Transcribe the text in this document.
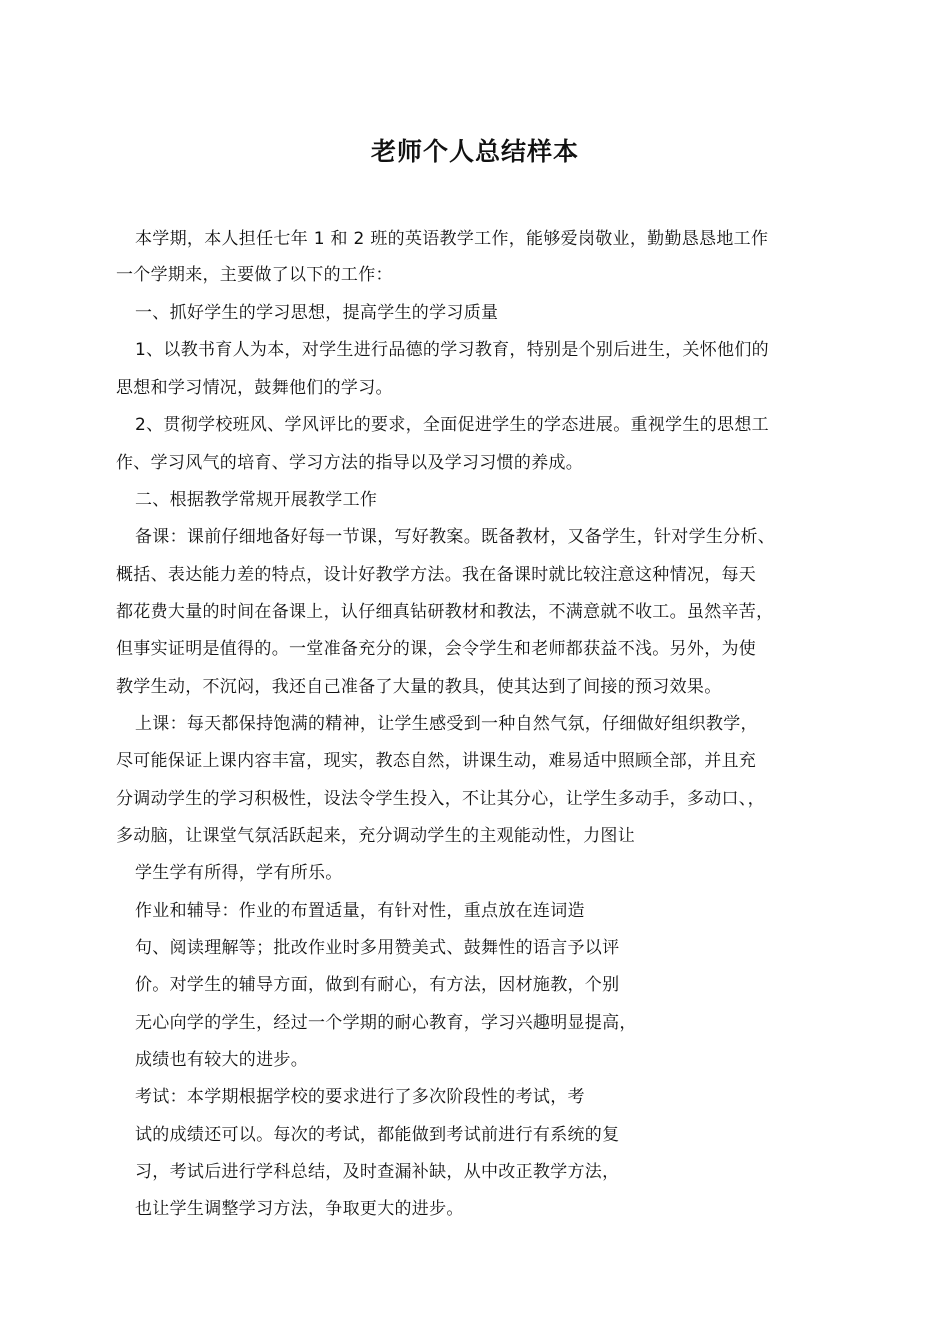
老师个人总结样本
本学期，本人担任七年 1 和 2 班的英语教学工作，能够爱岗敬业，勤勤恳恳地工作
一个学期来，主要做了以下的工作：
一、抓好学生的学习思想，提高学生的学习质量
1、以教书育人为本，对学生进行品德的学习教育，特别是个别后进生，关怀他们的
思想和学习情况，鼓舞他们的学习。
2、贯彻学校班风、学风评比的要求，全面促进学生的学态进展。重视学生的思想工
作、学习风气的培育、学习方法的指导以及学习习惯的养成。
二、根据教学常规开展教学工作
备课：课前仔细地备好每一节课，写好教案。既备教材，又备学生，针对学生分析、
概括、表达能力差的特点，设计好教学方法。我在备课时就比较注意这种情况，每天
都花费大量的时间在备课上，认仔细真钻研教材和教法，不满意就不收工。虽然辛苦，
但事实证明是值得的。一堂准备充分的课，会令学生和老师都获益不浅。另外，为使
教学生动，不沉闷，我还自己准备了大量的教具，使其达到了间接的预习效果。
上课：每天都保持饱满的精神，让学生感受到一种自然气氛，仔细做好组织教学，
尽可能保证上课内容丰富，现实，教态自然，讲课生动，难易适中照顾全部，并且充
分调动学生的学习积极性，设法令学生投入，不让其分心，让学生多动手，多动口、，
多动脑，让课堂气氛活跃起来，充分调动学生的主观能动性，力图让
学生学有所得，学有所乐。
作业和辅导：作业的布置适量，有针对性，重点放在连词造
句、阅读理解等；批改作业时多用赞美式、鼓舞性的语言予以评
价。对学生的辅导方面，做到有耐心，有方法，因材施教，个别
无心向学的学生，经过一个学期的耐心教育，学习兴趣明显提高，
成绩也有较大的进步。
考试：本学期根据学校的要求进行了多次阶段性的考试，考
试的成绩还可以。每次的考试，都能做到考试前进行有系统的复
习，考试后进行学科总结，及时查漏补缺，从中改正教学方法，
也让学生调整学习方法，争取更大的进步。
